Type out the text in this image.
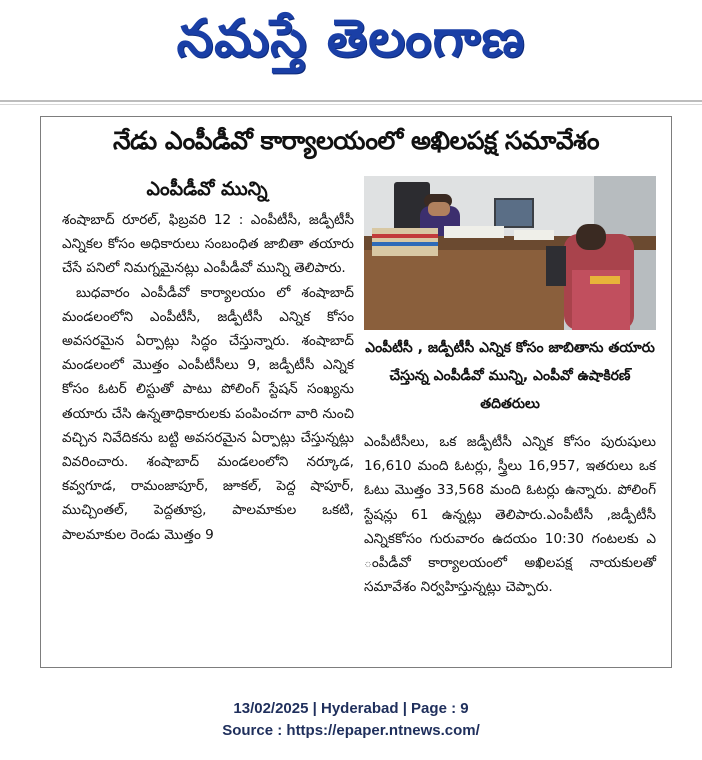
నమస్తే తెలంగాణ
నేడు ఎంపీడీవో కార్యాలయంలో అఖిలపక్ష సమావేశం
ఎంపీడీవో మున్ని

శంషాబాద్ రూరల్, ఫిబ్రవరి 12 : ఎంపీటీసీ, జడ్పీటీసీ ఎన్నికల కోసం అధికారులు సంబంధిత జాబితా తయారు చేసే పనిలో నిమగ్నమైనట్లు ఎంపీడీవో మున్ని తెలిపారు.

బుధవారం ఎంపీడీవో కార్యాలయం లో శంషాబాద్ మండలంలోని ఎంపీటీసీ, జడ్పీటీసీ ఎన్నిక కోసం అవసరమైన ఏర్పాట్లు సిద్ధం చేస్తున్నారు. శంషాబాద్ మండలంలో మొత్తం ఎంపీటీసీలు 9, జడ్పీటీసీ ఎన్నిక కోసం ఓటర్ లిస్టుతో పాటు పోలింగ్ స్టేషన్ సంఖ్యను తయారు చేసి ఉన్నతాధికారులకు పంపించగా వారి నుంచి వచ్చిన నివేదికను బట్టి అవసరమైన ఏర్పాట్లు చేస్తున్నట్లు వివరించారు. శంషాబాద్ మండలంలోని నర్కూడ, కవ్వగూడ, రామంజాపూర్, జూకల్, పెద్ద షాపూర్, ముచ్చింతల్, పెద్దతూప్ర, పాలమాకుల ఒకటి, పాలమాకుల రెండు మొత్తం 9

ఎంపీటీసీ , జడ్పీటీసీ ఎన్నిక కోసం జాబితాను తయారు చేస్తున్న ఎంపీడీవో మున్ని, ఎంపీవో ఉషాకిరణ్ తదితరులు

ఎంపీటీసీలు, ఒక జడ్పీటీసీ ఎన్నిక కోసం పురుషులు 16,610 మంది ఓటర్లు, స్త్రీలు 16,957, ఇతరులు ఒక ఓటు మొత్తం 33,568 మంది ఓటర్లు ఉన్నారు. పోలింగ్ స్టేషన్లు 61 ఉన్నట్లు తెలిపారు.ఎంపీటీసీ ,జడ్పీటీసీ ఎన్నికకోసం గురువారం ఉదయం 10:30 గంటలకు ఎ ంపీడీవో కార్యాలయంలో అఖిలపక్ష నాయకులతో సమావేశం నిర్వహిస్తున్నట్లు చెప్పారు.

13/02/2025 | Hyderabad | Page : 9
Source : https://epaper.ntnews.com/
